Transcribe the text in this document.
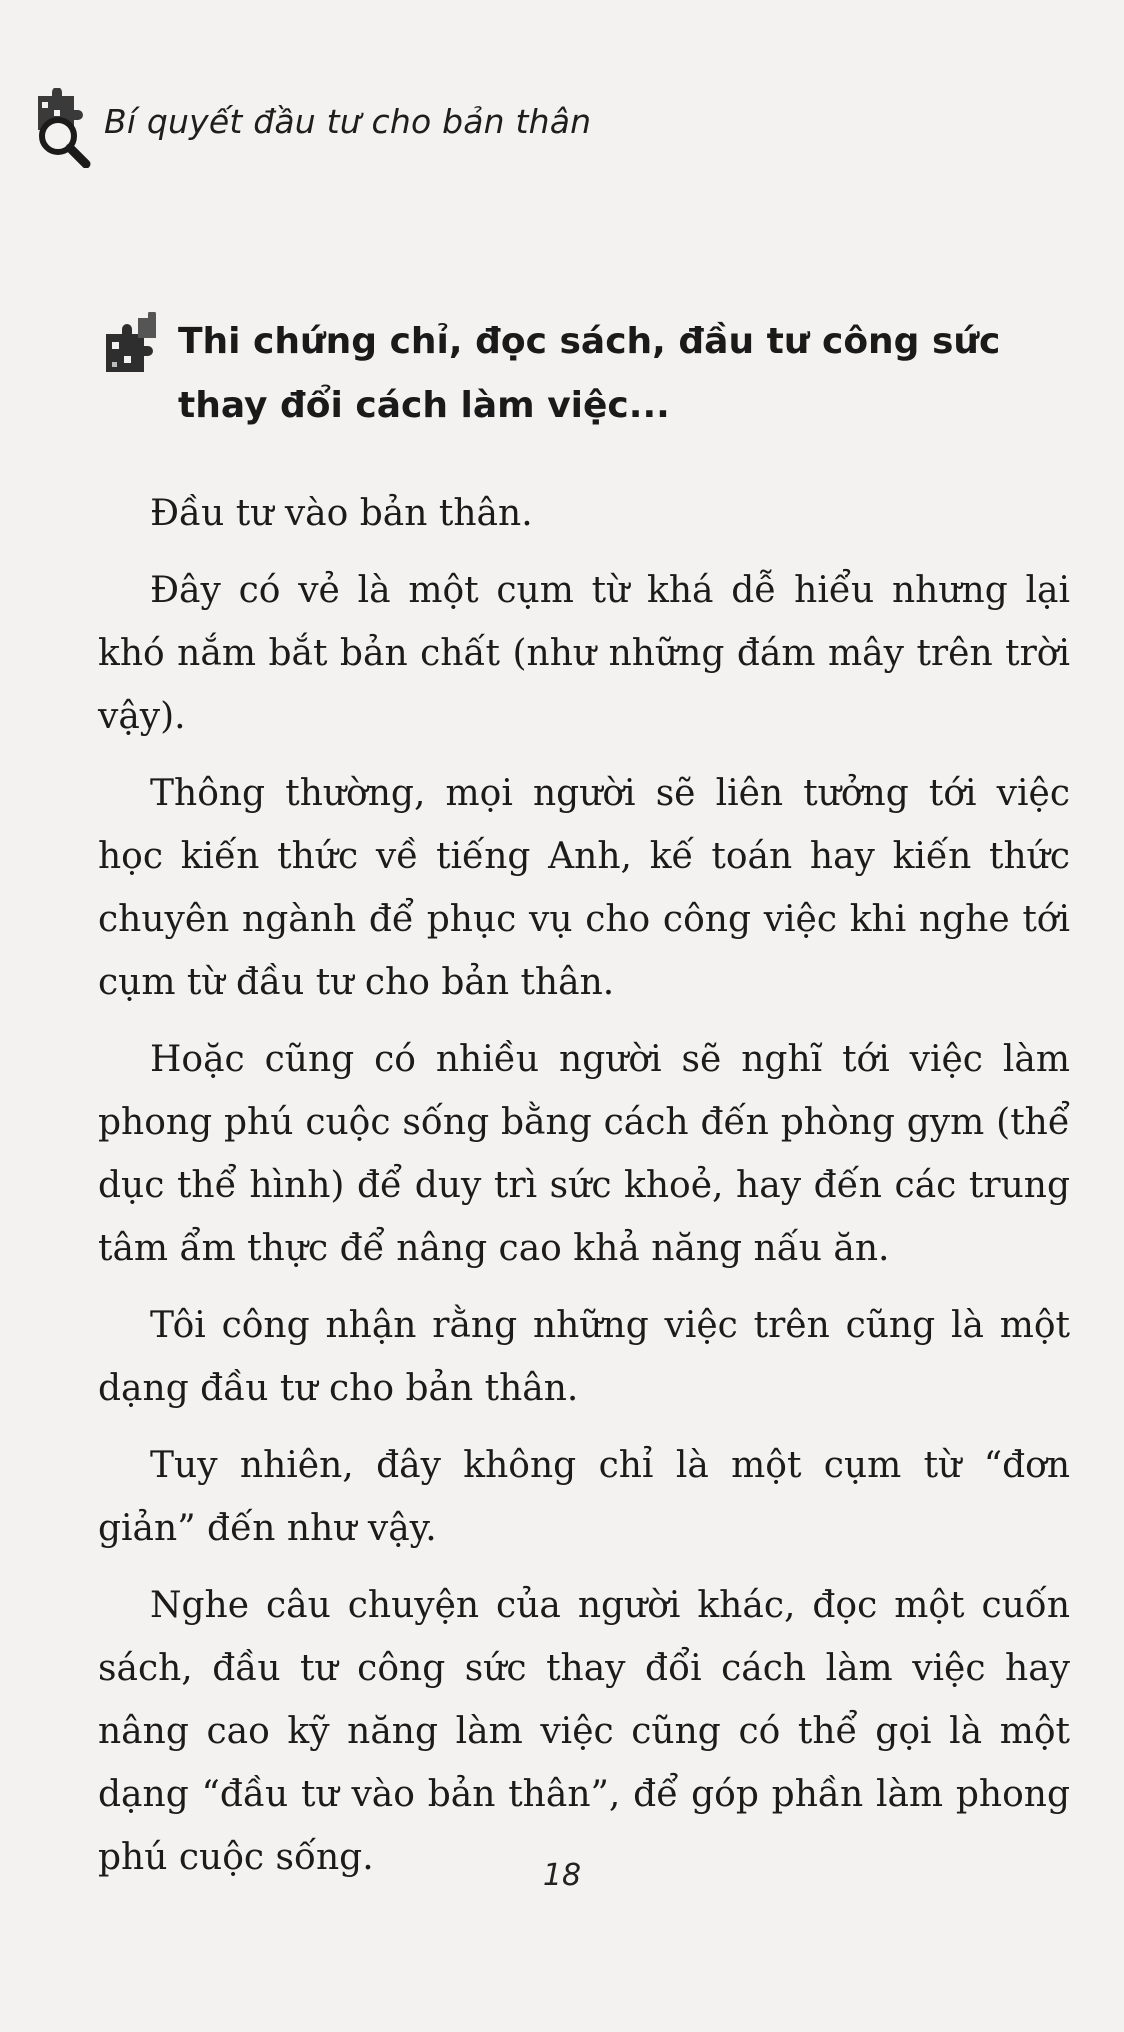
Bí quyết đầu tư cho bản thân
Thi chứng chỉ, đọc sách, đầu tư công sức thay đổi cách làm việc...

Đầu tư vào bản thân.

Đây có vẻ là một cụm từ khá dễ hiểu nhưng lại khó nắm bắt bản chất (như những đám mây trên trời vậy).

Thông thường, mọi người sẽ liên tưởng tới việc học kiến thức về tiếng Anh, kế toán hay kiến thức chuyên ngành để phục vụ cho công việc khi nghe tới cụm từ đầu tư cho bản thân.

Hoặc cũng có nhiều người sẽ nghĩ tới việc làm phong phú cuộc sống bằng cách đến phòng gym (thể dục thể hình) để duy trì sức khoẻ, hay đến các trung tâm ẩm thực để nâng cao khả năng nấu ăn.

Tôi công nhận rằng những việc trên cũng là một dạng đầu tư cho bản thân.

Tuy nhiên, đây không chỉ là một cụm từ “đơn giản” đến như vậy.

Nghe câu chuyện của người khác, đọc một cuốn sách, đầu tư công sức thay đổi cách làm việc hay nâng cao kỹ năng làm việc cũng có thể gọi là một dạng “đầu tư vào bản thân”, để góp phần làm phong phú cuộc sống.	18
